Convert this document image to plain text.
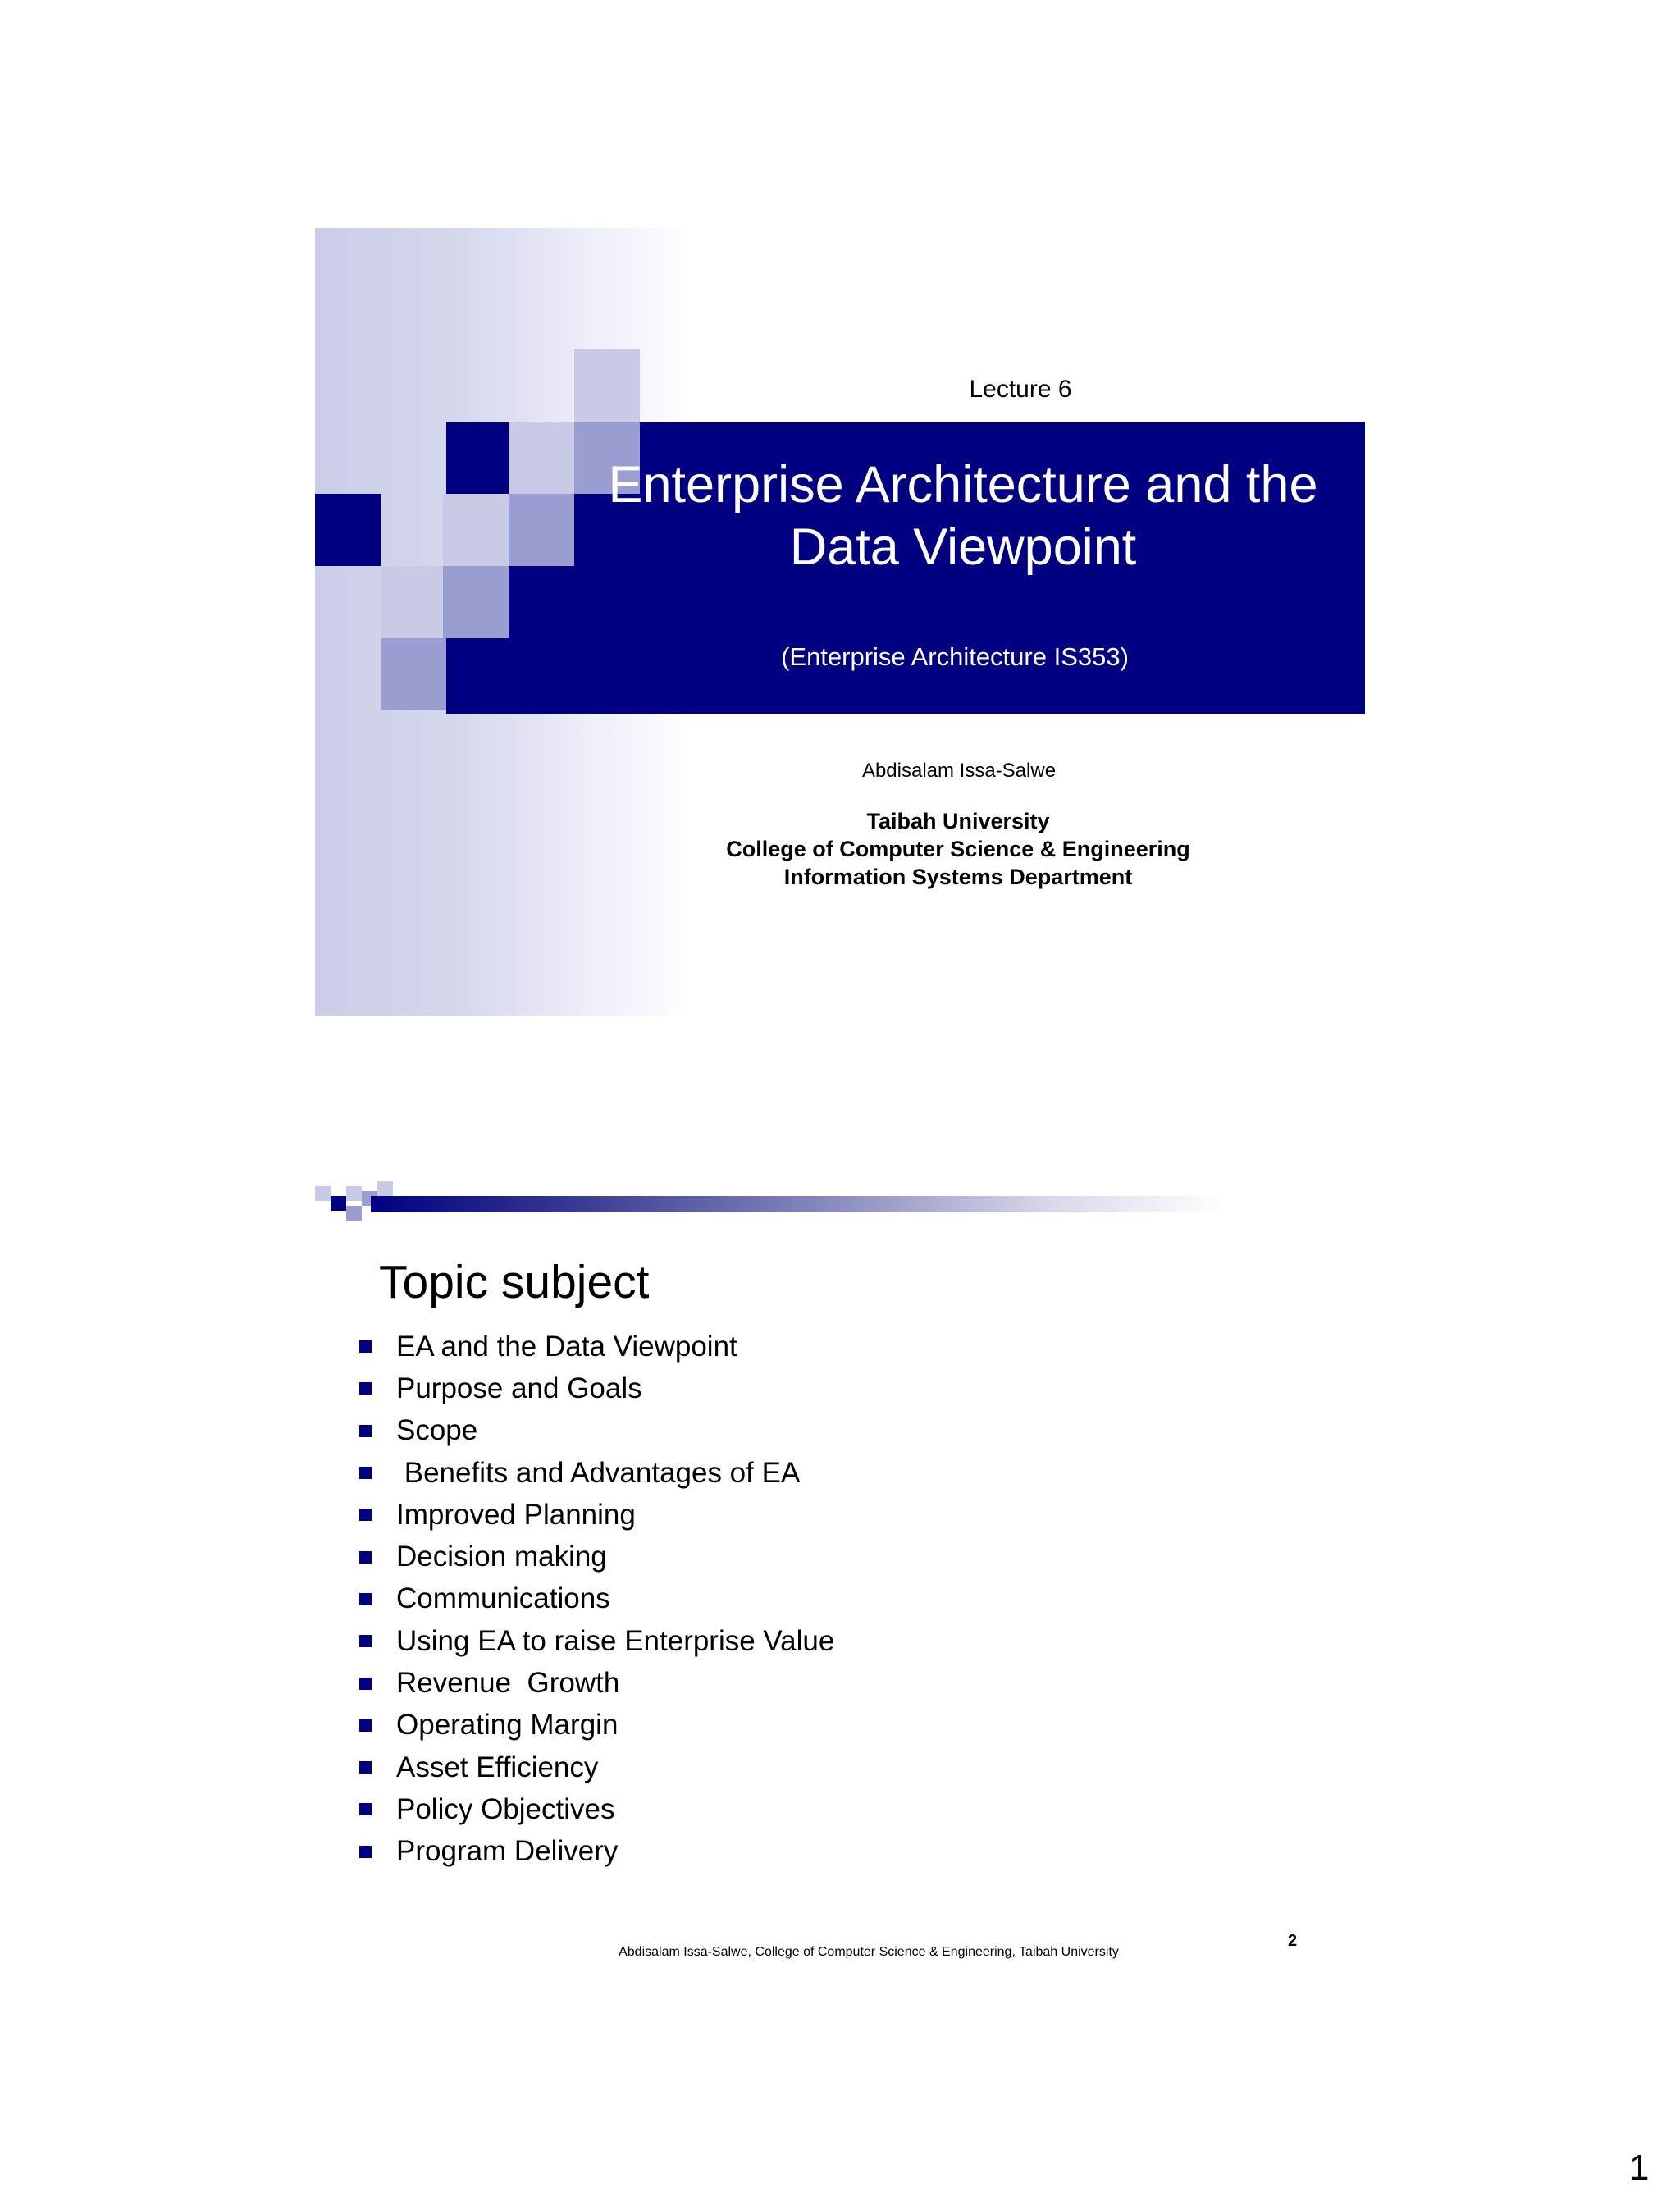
Lecture 6
Enterprise Architecture and the
Data Viewpoint
(Enterprise Architecture IS353)
Abdisalam Issa-Salwe
Taibah University
College of Computer Science & Engineering
Information Systems Department
Topic subject
EA and the Data Viewpoint
Purpose and Goals
Scope
Benefits and Advantages of EA
Improved Planning
Decision making
Communications
Using EA to raise Enterprise Value
Revenue  Growth
Operating Margin
Asset Efficiency
Policy Objectives
Program Delivery
2
Abdisalam Issa-Salwe, College of Computer Science & Engineering, Taibah University
1
